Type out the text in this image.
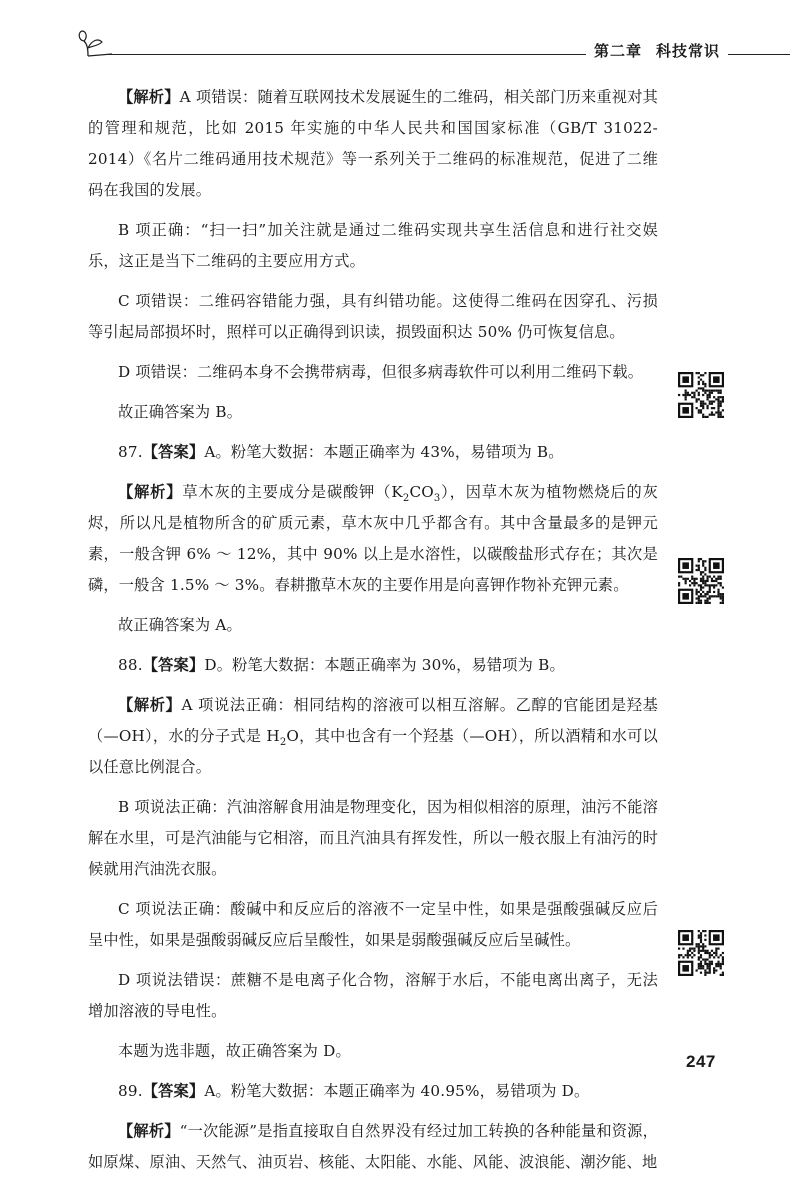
第二章 科技常识

【解析】A 项错误：随着互联网技术发展诞生的二维码，相关部门历来重视对其的管理和规范，比如 2015 年实施的中华人民共和国国家标准（GB/T 31022-2014）《名片二维码通用技术规范》等一系列关于二维码的标准规范，促进了二维码在我国的发展。

B 项正确：“扫一扫”加关注就是通过二维码实现共享生活信息和进行社交娱乐，这正是当下二维码的主要应用方式。

C 项错误：二维码容错能力强，具有纠错功能。这使得二维码在因穿孔、污损等引起局部损坏时，照样可以正确得到识读，损毁面积达 50% 仍可恢复信息。

D 项错误：二维码本身不会携带病毒，但很多病毒软件可以利用二维码下载。

故正确答案为 B。

87.【答案】A。粉笔大数据：本题正确率为 43%，易错项为 B。

【解析】草木灰的主要成分是碳酸钾$(K_2CO_3)$，因草木灰为植物燃烧后的灰烬，所以凡是植物所含的矿质元素，草木灰中几乎都含有。其中含量最多的是钾元素，一般含钾 6% ～ 12%，其中 90% 以上是水溶性，以碳酸盐形式存在；其次是磷，一般含 1.5% ～ 3%。春耕撒草木灰的主要作用是向喜钾作物补充钾元素。

故正确答案为 A。

88.【答案】D。粉笔大数据：本题正确率为 30%，易错项为 B。

【解析】A 项说法正确：相同结构的溶液可以相互溶解。乙醇的官能团是羟基（—OH），水的分子式是 $H_2O$，其中也含有一个羟基（—OH），所以酒精和水可以以任意比例混合。

B 项说法正确：汽油溶解食用油是物理变化，因为相似相溶的原理，油污不能溶解在水里，可是汽油能与它相溶，而且汽油具有挥发性，所以一般衣服上有油污的时候就用汽油洗衣服。

C 项说法正确：酸碱中和反应后的溶液不一定呈中性，如果是强酸强碱反应后呈中性，如果是强酸弱碱反应后呈酸性，如果是弱酸强碱反应后呈碱性。

D 项说法错误：蔗糖不是电离子化合物，溶解于水后，不能电离出离子，无法增加溶液的导电性。

本题为选非题，故正确答案为 D。

89.【答案】A。粉笔大数据：本题正确率为 40.95%，易错项为 D。

【解析】“一次能源”是指直接取自自然界没有经过加工转换的各种能量和资源，如原煤、原油、天然气、油页岩、核能、太阳能、水能、风能、波浪能、潮汐能、地

247
